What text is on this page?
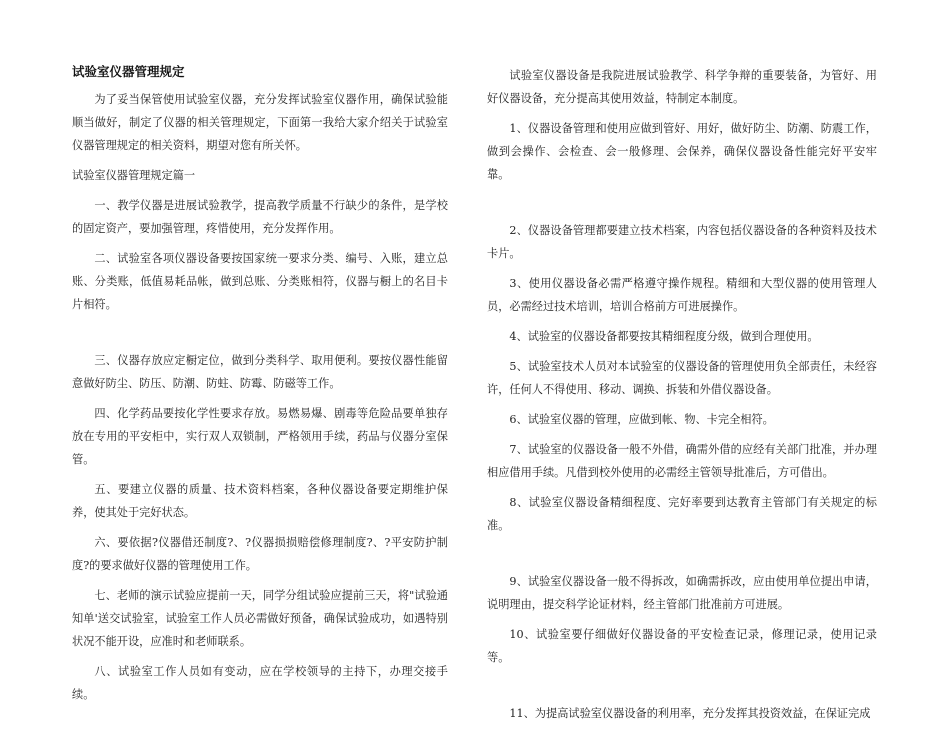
试验室仪器管理规定

为了妥当保管使用试验室仪器，充分发挥试验室仪器作用，确保试验能顺当做好，制定了仪器的相关管理规定，下面第一我给大家介绍关于试验室仪器管理规定的相关资料，期望对您有所关怀。

试验室仪器管理规定篇一

一、教学仪器是进展试验教学，提高教学质量不行缺少的条件，是学校的固定资产，要加强管理，疼惜使用，充分发挥作用。

二、试验室各项仪器设备要按国家统一要求分类、编号、入账，建立总账、分类账，低值易耗品帐，做到总账、分类账相符，仪器与橱上的名目卡片相符。

三、仪器存放应定橱定位，做到分类科学、取用便利。要按仪器性能留意做好防尘、防压、防潮、防蛀、防霉、防磁等工作。

四、化学药品要按化学性要求存放。易燃易爆、剧毒等危险品要单独存放在专用的平安柜中，实行双人双锁制，严格领用手续，药品与仪器分室保管。

五、要建立仪器的质量、技术资料档案，各种仪器设备要定期维护保养，使其处于完好状态。

六、要依据?仪器借还制度?、?仪器损损赔偿修理制度?、?平安防护制度?的要求做好仪器的管理使用工作。

七、老师的演示试验应提前一天，同学分组试验应提前三天，将"试验通知单'送交试验室，试验室工作人员必需做好预备，确保试验成功，如遇特别状况不能开设，应准时和老师联系。

八、试验室工作人员如有变动，应在学校领导的主持下，办理交接手续。

试验室仪器设备是我院进展试验教学、科学争辩的重要装备，为管好、用好仪器设备，充分提高其使用效益，特制定本制度。

1、仪器设备管理和使用应做到管好、用好，做好防尘、防潮、防震工作，做到会操作、会检查、会一般修理、会保养，确保仪器设备性能完好平安牢靠。

2、仪器设备管理都要建立技术档案，内容包括仪器设备的各种资料及技术卡片。

3、使用仪器设备必需严格遵守操作规程。精细和大型仪器的使用管理人员，必需经过技术培训，培训合格前方可进展操作。

4、试验室的仪器设备都要按其精细程度分级，做到合理使用。

5、试验室技术人员对本试验室的仪器设备的管理使用负全部责任，未经容许，任何人不得使用、移动、调换、拆装和外借仪器设备。

6、试验室仪器的管理，应做到帐、物、卡完全相符。

7、试验室的仪器设备一般不外借，确需外借的应经有关部门批准，并办理相应借用手续。凡借到校外使用的必需经主管领导批准后，方可借出。

8、试验室仪器设备精细程度、完好率要到达教育主管部门有关规定的标准。

9、试验室仪器设备一般不得拆改，如确需拆改，应由使用单位提出申请，说明理由，提交科学论证材料，经主管部门批准前方可进展。

10、试验室要仔细做好仪器设备的平安检查记录，修理记录，使用记录等。

11、为提高试验室仪器设备的利用率，充分发挥其投资效益，在保证完成
